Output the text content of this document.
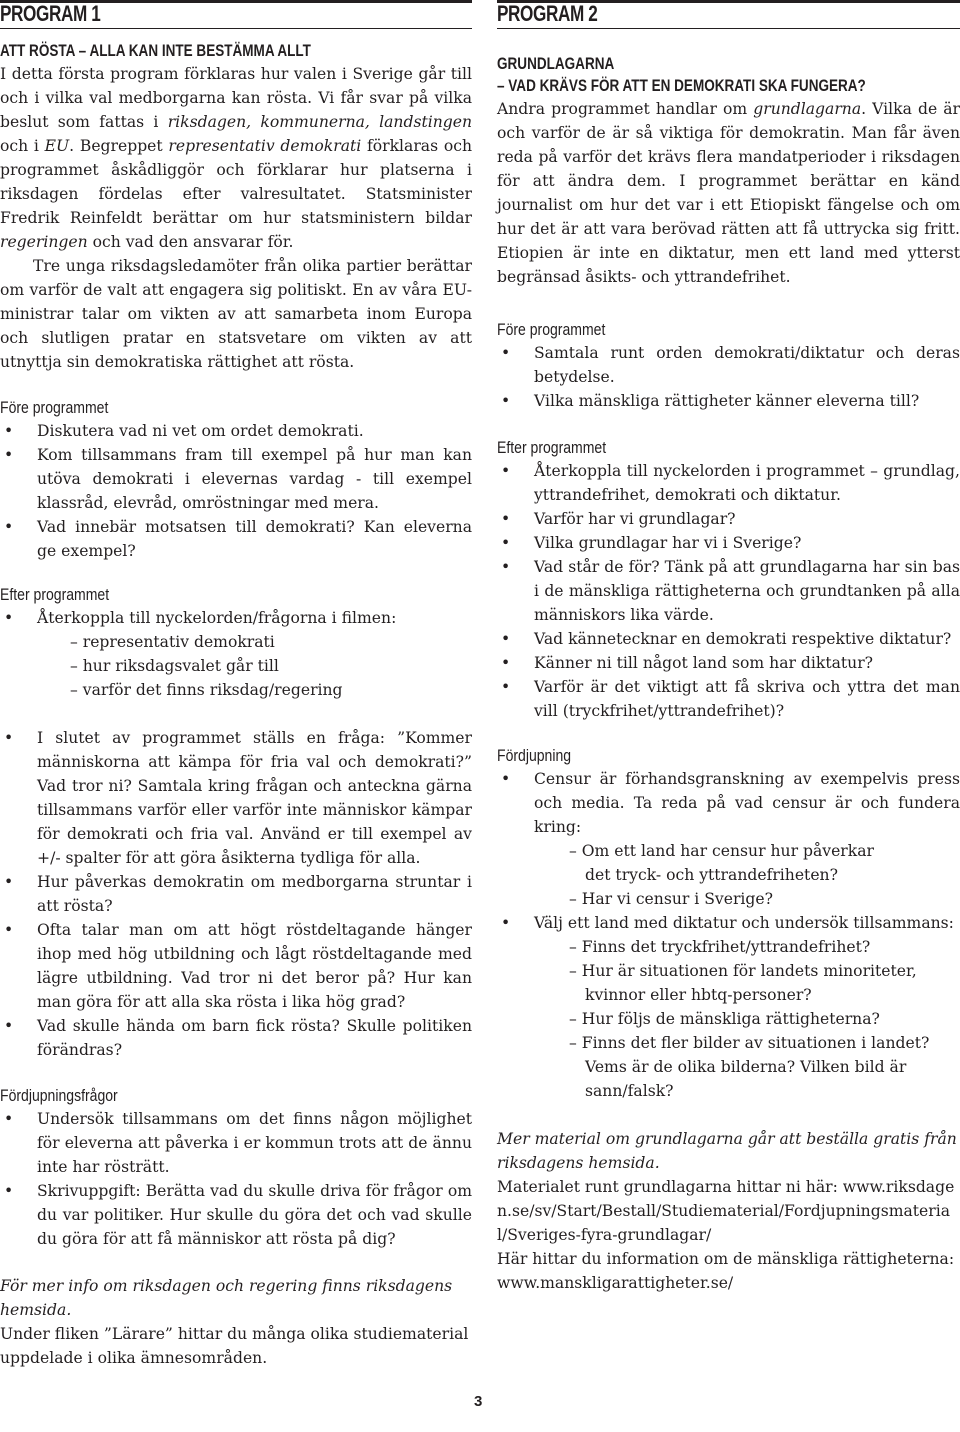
PROGRAM 1
ATT RÖSTA – ALLA KAN INTE BESTÄMMA ALLT

I detta första program förklaras hur valen i Sverige går till och i vilka val medborgarna kan rösta. Vi får svar på vilka beslut som fattas i riksdagen, kommunerna, landstingen och i EU. Begreppet representativ demokrati förklaras och programmet åskådliggör och förklarar hur platserna i riksdagen fördelas efter valresultatet. Statsminister Fredrik Reinfeldt berättar om hur statsministern bildar regeringen och vad den ansvarar för.

Tre unga riksdagsledamöter från olika partier berättar om varför de valt att engagera sig politiskt. En av våra EU-ministrar talar om vikten av att samarbeta inom Europa och slutligen pratar en statsvetare om vikten av att utnyttja sin demokratiska rättighet att rösta.

Före programmet
• Diskutera vad ni vet om ordet demokrati.
• Kom tillsammans fram till exempel på hur man kan utöva demokrati i elevernas vardag - till exempel klassråd, elevråd, omröstningar med mera.
• Vad innebär motsatsen till demokrati? Kan eleverna ge exempel?
Efter programmet
• Återkoppla till nyckelorden/frågorna i filmen:
– representativ demokrati
– hur riksdagsvalet går till
– varför det finns riksdag/regering
• I slutet av programmet ställs en fråga: ”Kommer människorna att kämpa för fria val och demokrati?” Vad tror ni? Samtala kring frågan och anteckna gärna tillsammans varför eller varför inte människor kämpar för demokrati och fria val. Använd er till exempel av +/- spalter för att göra åsikterna tydliga för alla.
• Hur påverkas demokratin om medborgarna struntar i att rösta?
• Ofta talar man om att högt röstdeltagande hänger ihop med hög utbildning och lågt röstdeltagande med lägre utbildning. Vad tror ni det beror på? Hur kan man göra för att alla ska rösta i lika hög grad?
• Vad skulle hända om barn fick rösta? Skulle politiken förändras?
Fördjupningsfrågor
• Undersök tillsammans om det finns någon möjlighet för eleverna att påverka i er kommun trots att de ännu inte har rösträtt.
• Skrivuppgift: Berätta vad du skulle driva för frågor om du var politiker. Hur skulle du göra det och vad skulle du göra för att få människor att rösta på dig?

För mer info om riksdagen och regering finns riksdagens hemsida.

Under fliken ”Lärare” hittar du många olika studiematerial uppdelade i olika ämnesområden.

PROGRAM 2
GRUNDLAGARNA
– VAD KRÄVS FÖR ATT EN DEMOKRATI SKA FUNGERA?

Andra programmet handlar om grundlagarna. Vilka de är och varför de är så viktiga för demokratin. Man får även reda på varför det krävs flera mandatperioder i riksdagen för att ändra dem. I programmet berättar en känd journalist om hur det var i ett Etiopiskt fängelse och om hur det är att vara berövad rätten att få uttrycka sig fritt. Etiopien är inte en diktatur, men ett land med ytterst begränsad åsikts- och yttrandefrihet.

Före programmet
• Samtala runt orden demokrati/diktatur och deras betydelse.
• Vilka mänskliga rättigheter känner eleverna till?
Efter programmet
• Återkoppla till nyckelorden i programmet – grundlag, yttrandefrihet, demokrati och diktatur.
• Varför har vi grundlagar?
• Vilka grundlagar har vi i Sverige?
• Vad står de för? Tänk på att grundlagarna har sin bas i de mänskliga rättigheterna och grundtanken på alla människors lika värde.
• Vad kännetecknar en demokrati respektive diktatur?
• Känner ni till något land som har diktatur?
• Varför är det viktigt att få skriva och yttra det man vill (tryckfrihet/yttrandefrihet)?
Fördjupning
• Censur är förhandsgranskning av exempelvis press och media. Ta reda på vad censur är och fundera kring:
– Om ett land har censur hur påverkar
det tryck- och yttrandefriheten?
– Har vi censur i Sverige?
• Välj ett land med diktatur och undersök tillsammans:
– Finns det tryckfrihet/yttrandefrihet?
– Hur är situationen för landets minoriteter,
kvinnor eller hbtq-personer?
– Hur följs de mänskliga rättigheterna?
– Finns det fler bilder av situationen i landet?
Vems är de olika bilderna? Vilken bild är
sann/falsk?

Mer material om grundlagarna går att beställa gratis från riksdagens hemsida.

Materialet runt grundlagarna hittar ni här: www.riksdagen.se/sv/Start/Bestall/Studiematerial/Fordjupningsmaterial/Sveriges-fyra-grundlagar/

Här hittar du information om de mänskliga rättigheterna: www.manskligarattigheter.se/

3
